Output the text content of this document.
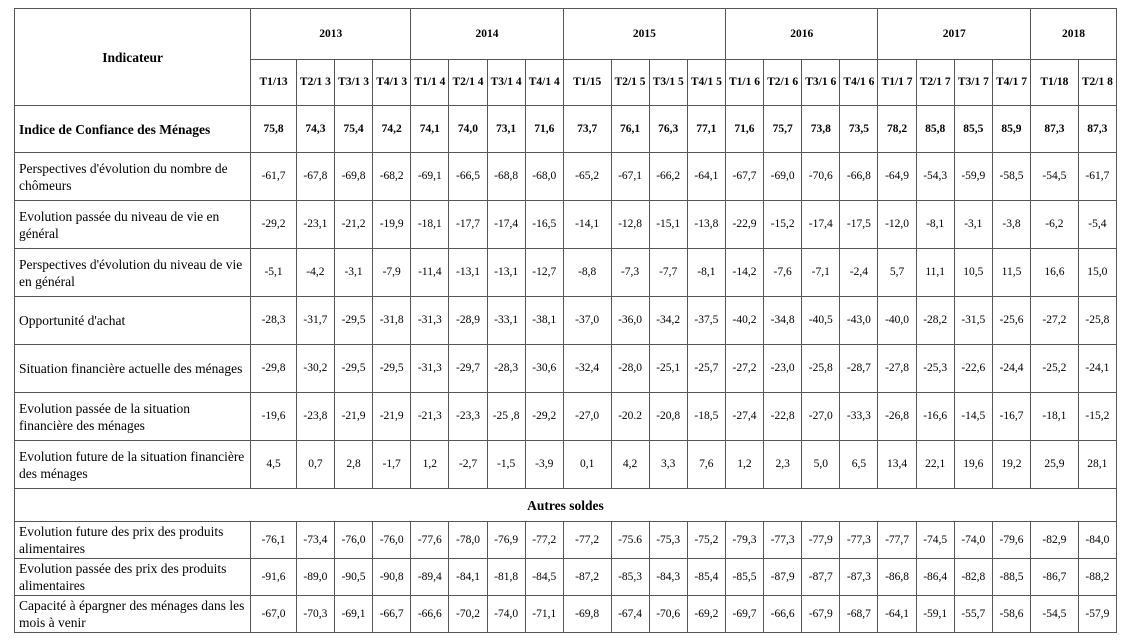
Indicateur	2013				2014				2015				2016				2017				2018	
	T1/13	T2/1 3	T3/1 3	T4/1 3	T1/1 4	T2/1 4	T3/1 4	T4/1 4	T1/15	T2/1 5	T3/1 5	T4/1 5	T1/1 6	T2/1 6	T3/1 6	T4/1 6	T1/1 7	T2/1 7	T3/1 7	T4/1 7	T1/18	T2/1 8
Indice de Confiance des Ménages	75,8	74,3	75,4	74,2	74,1	74,0	73,1	71,6	73,7	76,1	76,3	77,1	71,6	75,7	73,8	73,5	78,2	85,8	85,5	85,9	87,3	87,3
Perspectives d'évolution du nombre de chômeurs	-61,7	-67,8	-69,8	-68,2	-69,1	-66,5	-68,8	-68,0	-65,2	-67,1	-66,2	-64,1	-67,7	-69,0	-70,6	-66,8	-64,9	-54,3	-59,9	-58,5	-54,5	-61,7
Evolution passée du niveau de vie en général	-29,2	-23,1	-21,2	-19,9	-18,1	-17,7	-17,4	-16,5	-14,1	-12,8	-15,1	-13,8	-22,9	-15,2	-17,4	-17,5	-12,0	-8,1	-3,1	-3,8	-6,2	-5,4
Perspectives d'évolution du niveau de vie en général	-5,1	-4,2	-3,1	-7,9	-11,4	-13,1	-13,1	-12,7	-8,8	-7,3	-7,7	-8,1	-14,2	-7,6	-7,1	-2,4	5,7	11,1	10,5	11,5	16,6	15,0
Opportunité d'achat	-28,3	-31,7	-29,5	-31,8	-31,3	-28,9	-33,1	-38,1	-37,0	-36,0	-34,2	-37,5	-40,2	-34,8	-40,5	-43,0	-40,0	-28,2	-31,5	-25,6	-27,2	-25,8
Situation financière actuelle des ménages	-29,8	-30,2	-29,5	-29,5	-31,3	-29,7	-28,3	-30,6	-32,4	-28,0	-25,1	-25,7	-27,2	-23,0	-25,8	-28,7	-27,8	-25,3	-22,6	-24,4	-25,2	-24,1
Evolution passée de la situation financière des ménages	-19,6	-23,8	-21,9	-21,9	-21,3	-23,3	-25 ,8	-29,2	-27,0	-20.2	-20,8	-18,5	-27,4	-22,8	-27,0	-33,3	-26,8	-16,6	-14,5	-16,7	-18,1	-15,2
Evolution future de la situation financière des ménages	4,5	0,7	2,8	-1,7	1,2	-2,7	-1,5	-3,9	0,1	4,2	3,3	7,6	1,2	2,3	5,0	6,5	13,4	22,1	19,6	19,2	25,9	28,1
Autres soldes																						
Evolution future des prix des produits alimentaires	-76,1	-73,4	-76,0	-76,0	-77,6	-78,0	-76,9	-77,2	-77,2	-75.6	-75,3	-75,2	-79,3	-77,3	-77,9	-77,3	-77,7	-74,5	-74,0	-79,6	-82,9	-84,0
Evolution passée des prix des produits alimentaires	-91,6	-89,0	-90,5	-90,8	-89,4	-84,1	-81,8	-84,5	-87,2	-85,3	-84,3	-85,4	-85,5	-87,9	-87,7	-87,3	-86,8	-86,4	-82,8	-88,5	-86,7	-88,2
Capacité à épargner des ménages dans les mois à venir	-67,0	-70,3	-69,1	-66,7	-66,6	-70,2	-74,0	-71,1	-69,8	-67,4	-70,6	-69,2	-69,7	-66,6	-67,9	-68,7	-64,1	-59,1	-55,7	-58,6	-54,5	-57,9
